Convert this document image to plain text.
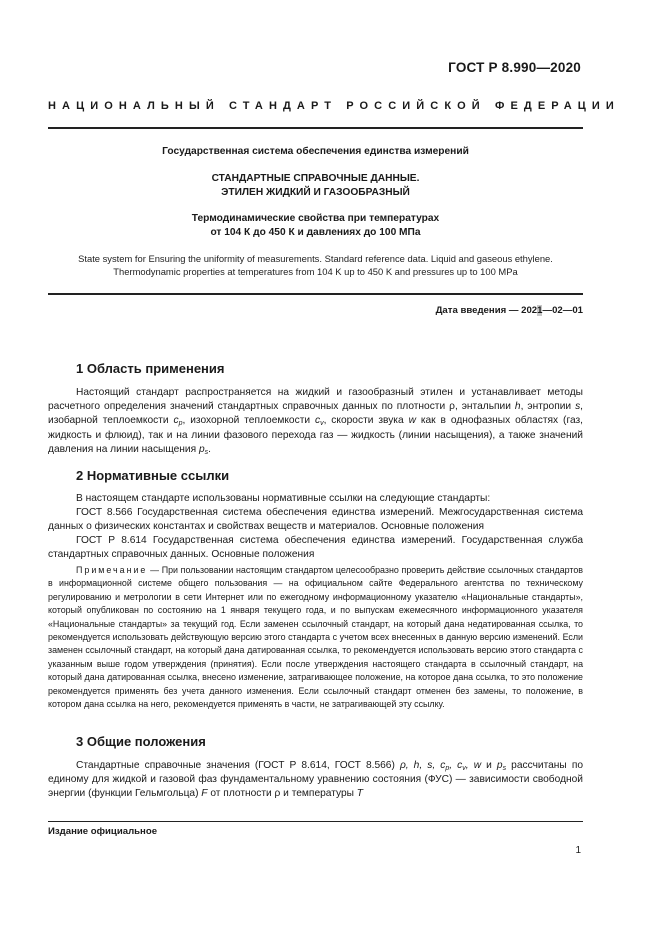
ГОСТ Р 8.990—2020
НАЦИОНАЛЬНЫЙ СТАНДАРТ РОССИЙСКОЙ ФЕДЕРАЦИИ
Государственная система обеспечения единства измерений
СТАНДАРТНЫЕ СПРАВОЧНЫЕ ДАННЫЕ.
ЭТИЛЕН ЖИДКИЙ И ГАЗООБРАЗНЫЙ
Термодинамические свойства при температурах
от 104 К до 450 К и давлениях до 100 МПа
State system for Ensuring the uniformity of measurements. Standard reference data. Liquid and gaseous ethylene.
Thermodynamic properties at temperatures from 104 K up to 450 K and pressures up to 100 MPa
Дата введения — 2021—02—01
1 Область применения

Настоящий стандарт распространяется на жидкий и газообразный этилен и устанавливает методы расчетного определения значений стандартных справочных данных по плотности ρ, энтальпии h, энтропии s, изобарной теплоемкости $c_p$, изохорной теплоемкости $c_v$, скорости звука w как в однофазных областях (газ, жидкость и флюид), так и на линии фазового перехода газ — жидкость (линии насыщения), а также значений давления на линии насыщения $p_s$.

2 Нормативные ссылки

В настоящем стандарте использованы нормативные ссылки на следующие стандарты:

ГОСТ 8.566 Государственная система обеспечения единства измерений. Межгосударственная система данных о физических константах и свойствах веществ и материалов. Основные положения

ГОСТ Р 8.614 Государственная система обеспечения единства измерений. Государственная служба стандартных справочных данных. Основные положения

Примечание — При пользовании настоящим стандартом целесообразно проверить действие ссылочных стандартов в информационной системе общего пользования — на официальном сайте Федерального агентства по техническому регулированию и метрологии в сети Интернет или по ежегодному информационному указателю «Национальные стандарты», который опубликован по состоянию на 1 января текущего года, и по выпускам ежемесячного информационного указателя «Национальные стандарты» за текущий год. Если заменен ссылочный стандарт, на который дана недатированная ссылка, то рекомендуется использовать действующую версию этого стандарта с учетом всех внесенных в данную версию изменений. Если заменен ссылочный стандарт, на который дана датированная ссылка, то рекомендуется использовать версию этого стандарта с указанным выше годом утверждения (принятия). Если после утверждения настоящего стандарта в ссылочный стандарт, на который дана датированная ссылка, внесено изменение, затрагивающее положение, на которое дана ссылка, то это положение рекомендуется применять без учета данного изменения. Если ссылочный стандарт отменен без замены, то положение, в котором дана ссылка на него, рекомендуется применять в части, не затрагивающей эту ссылку.

3 Общие положения

Стандартные справочные значения (ГОСТ Р 8.614, ГОСТ 8.566) ρ, h, s, $c_p$, $c_v$, w и $p_s$ рассчитаны по единому для жидкой и газовой фаз фундаментальному уравнению состояния (ФУС) — зависимости свободной энергии (функции Гельмгольца) F от плотности ρ и температуры T

Издание официальное
1
